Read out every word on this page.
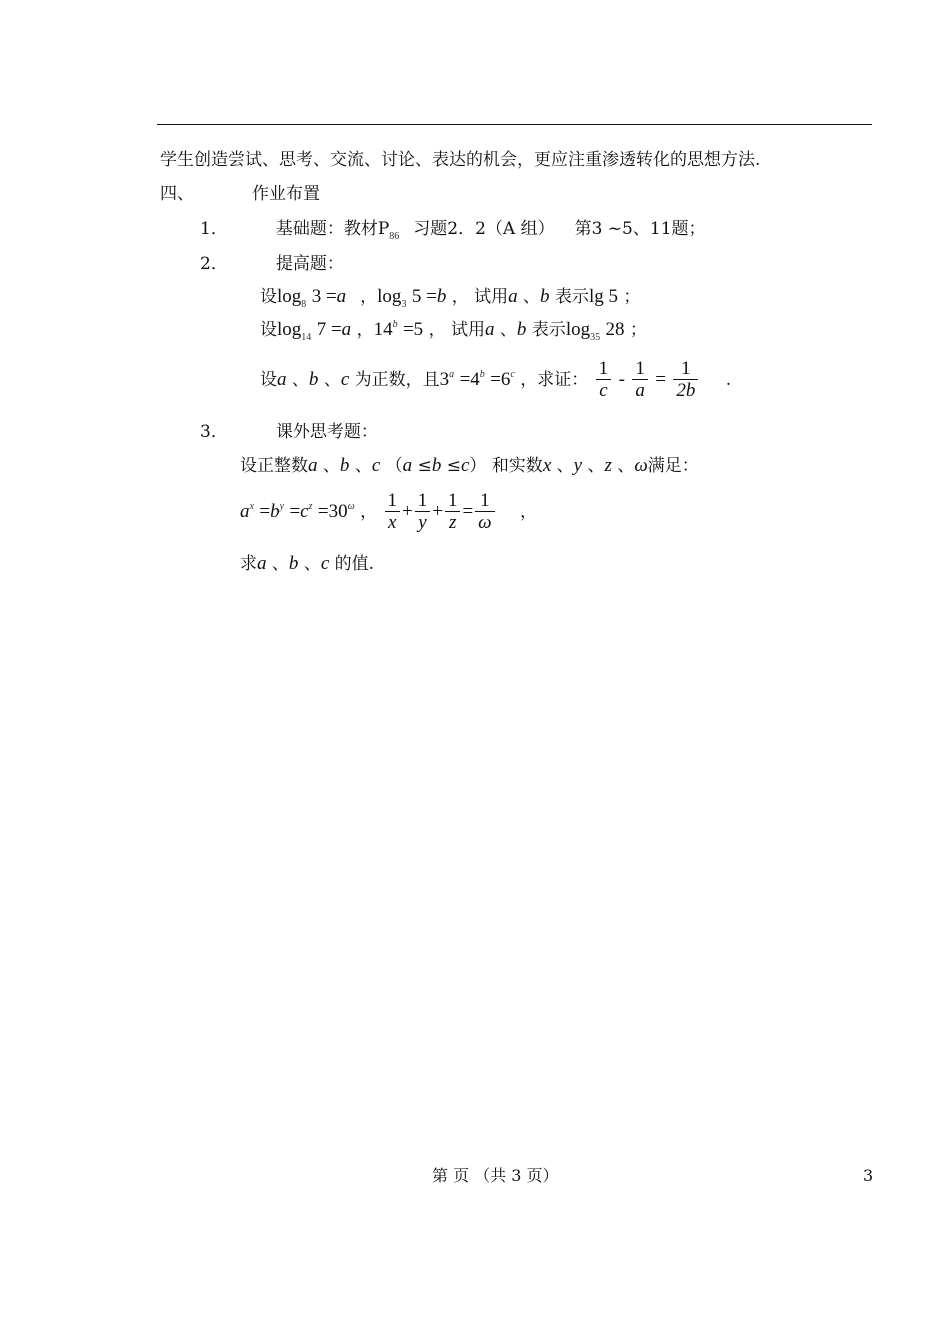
学生创造尝试、思考、交流、讨论、表达的机会，更应注重渗透转化的思想方法.
四、	作业布置
1．	基础题：教材$P_{86}$ 习题2．2（A 组） 第3 ~5、11题；
2．	提高题：
设$\log_8 3 =a$ ，$\log_3 5 =b$ ， 试用a 、b 表示lg 5 ；
设$\log_{14} 7 =a$ ，$14^b =5$ ， 试用a 、b 表示$\log_{35} 28$ ；
设a 、b 、c 为正数，且$3^a =4^b =6^c$ ，求证： $\frac{1}{c} - \frac{1}{a} = \frac{1}{2b}$ .
3．	课外思考题：
设正整数a 、b 、c （a ≤b ≤c） 和实数x 、y 、z 、ω满足：
$a^x =b^y =c^z =30^\omega$ ， $\frac{1}{x} + \frac{1}{y} + \frac{1}{z} = \frac{1}{\omega}$ ，
求a 、b 、c 的值.
第 页 （共 3 页）	3
